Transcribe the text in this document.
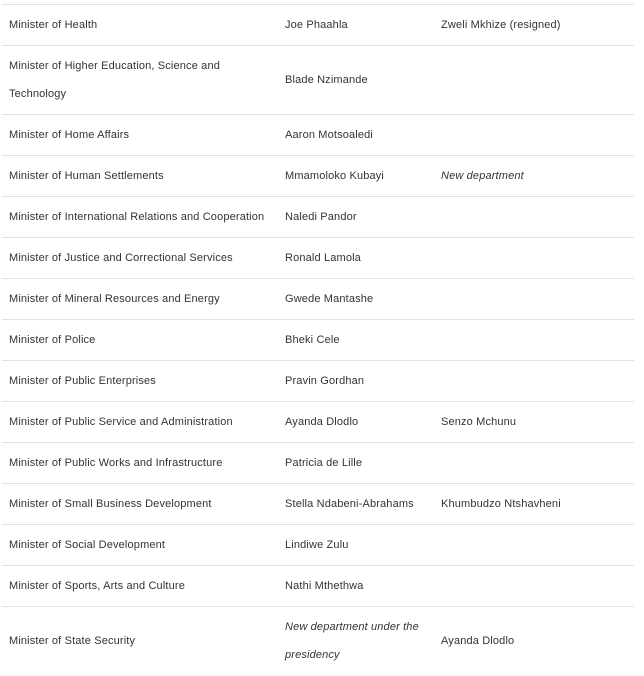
Minister of Health	Joe Phaahla	Zweli Mkhize (resigned)
Minister of Higher Education, Science and Technology	Blade Nzimande	
Minister of Home Affairs	Aaron Motsoaledi	
Minister of Human Settlements	Mmamoloko Kubayi	New department
Minister of International Relations and Cooperation	Naledi Pandor	
Minister of Justice and Correctional Services	Ronald Lamola	
Minister of Mineral Resources and Energy	Gwede Mantashe	
Minister of Police	Bheki Cele	
Minister of Public Enterprises	Pravin Gordhan	
Minister of Public Service and Administration	Ayanda Dlodlo	Senzo Mchunu
Minister of Public Works and Infrastructure	Patricia de Lille	
Minister of Small Business Development	Stella Ndabeni-Abrahams	Khumbudzo Ntshavheni
Minister of Social Development	Lindiwe Zulu	
Minister of Sports, Arts and Culture	Nathi Mthethwa	
Minister of State Security	New department under the presidency	Ayanda Dlodlo
